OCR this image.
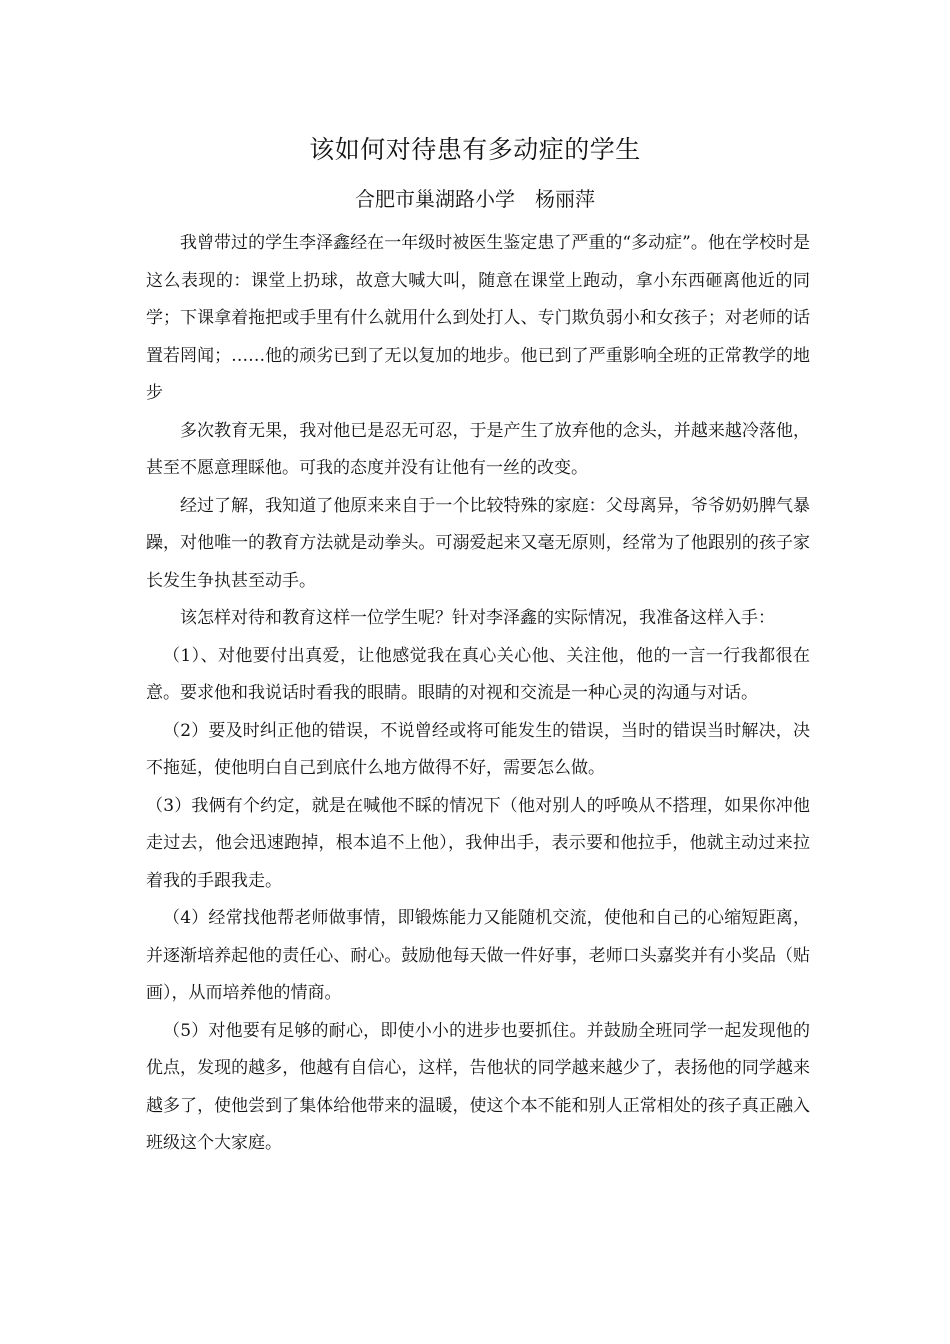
该如何对待患有多动症的学生
合肥市巢湖路小学　杨丽萍

我曾带过的学生李泽鑫经在一年级时被医生鉴定患了严重的“多动症”。他在学校时是这么表现的：课堂上扔球，故意大喊大叫，随意在课堂上跑动，拿小东西砸离他近的同学；下课拿着拖把或手里有什么就用什么到处打人、专门欺负弱小和女孩子；对老师的话置若罔闻；……他的顽劣已到了无以复加的地步。他已到了严重影响全班的正常教学的地步

多次教育无果，我对他已是忍无可忍，于是产生了放弃他的念头，并越来越冷落他，甚至不愿意理睬他。可我的态度并没有让他有一丝的改变。

经过了解，我知道了他原来来自于一个比较特殊的家庭：父母离异，爷爷奶奶脾气暴躁，对他唯一的教育方法就是动拳头。可溺爱起来又毫无原则，经常为了他跟别的孩子家长发生争执甚至动手。

该怎样对待和教育这样一位学生呢？针对李泽鑫的实际情况，我准备这样入手：

（1）、对他要付出真爱，让他感觉我在真心关心他、关注他，他的一言一行我都很在意。要求他和我说话时看我的眼睛。眼睛的对视和交流是一种心灵的沟通与对话。

（2）要及时纠正他的错误，不说曾经或将可能发生的错误，当时的错误当时解决，决不拖延，使他明白自己到底什么地方做得不好，需要怎么做。

（3）我俩有个约定，就是在喊他不睬的情况下（他对别人的呼唤从不搭理，如果你冲他走过去，他会迅速跑掉，根本追不上他），我伸出手，表示要和他拉手，他就主动过来拉着我的手跟我走。

（4）经常找他帮老师做事情，即锻炼能力又能随机交流，使他和自己的心缩短距离，并逐渐培养起他的责任心、耐心。鼓励他每天做一件好事，老师口头嘉奖并有小奖品（贴画），从而培养他的情商。

（5）对他要有足够的耐心，即使小小的进步也要抓住。并鼓励全班同学一起发现他的优点，发现的越多，他越有自信心，这样，告他状的同学越来越少了，表扬他的同学越来越多了，使他尝到了集体给他带来的温暖，使这个本不能和别人正常相处的孩子真正融入班级这个大家庭。
